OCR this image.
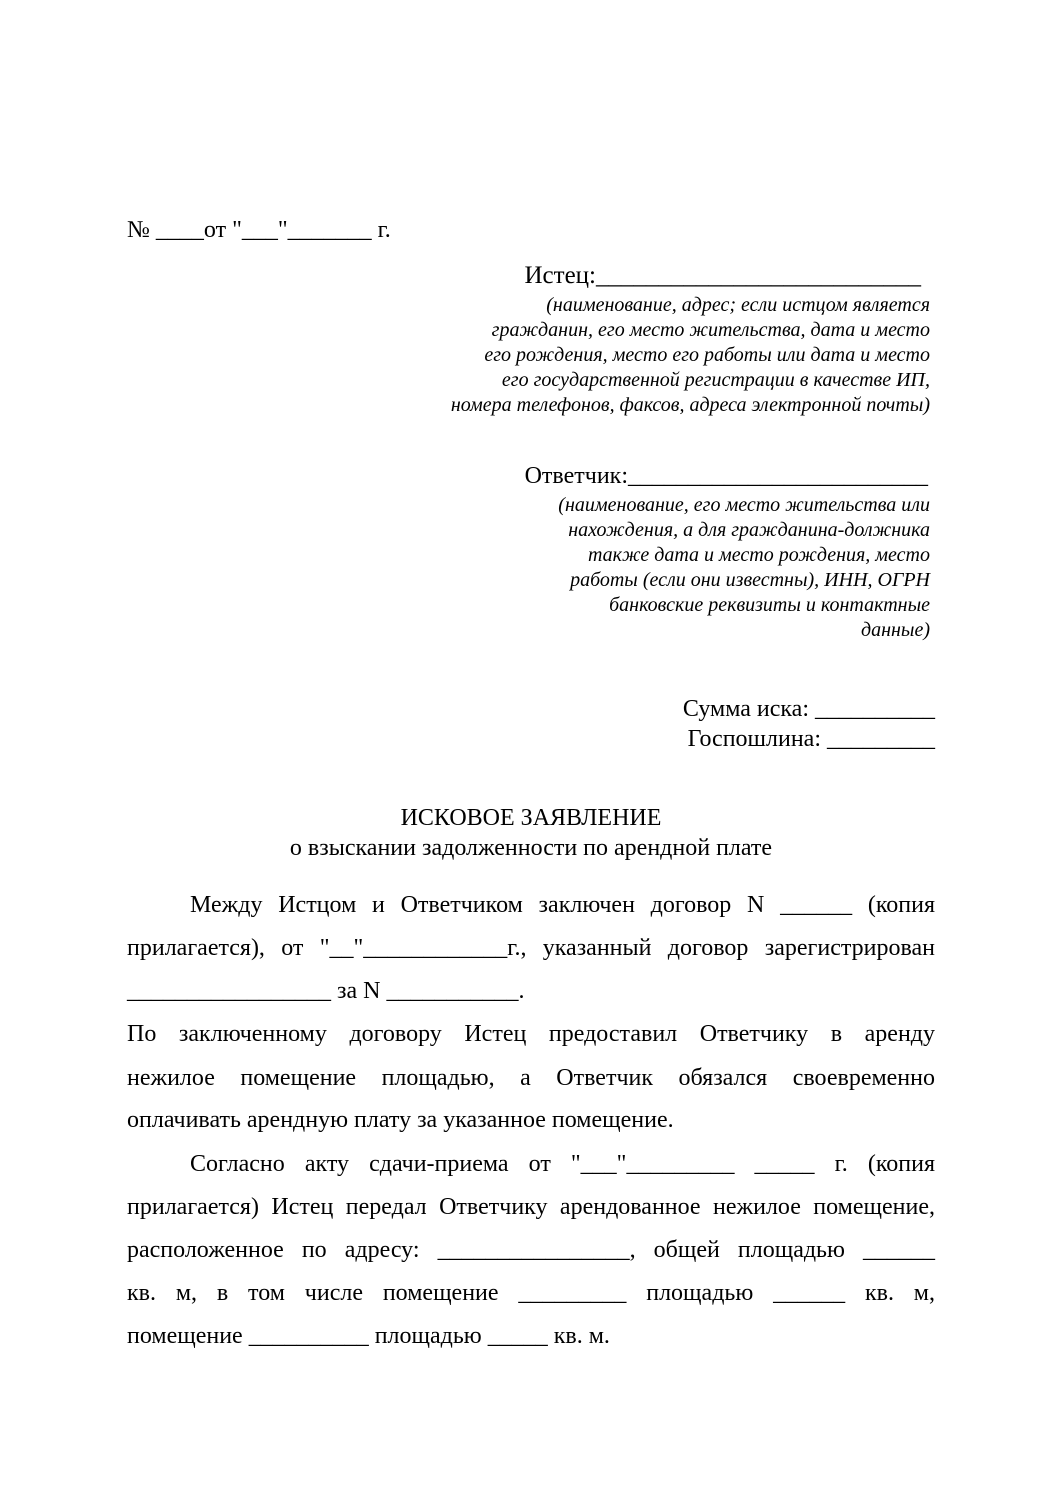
№ ____от "___"_______ г.
Истец:__________________________
(наименование, адрес; если истцом является
гражданин, его место жительства, дата и место
его рождения, место его работы или дата и место
его государственной регистрации в качестве ИП,
номера телефонов, факсов, адреса электронной почты)
Ответчик:_________________________
(наименование, его место жительства или
нахождения, а для гражданина-должника
также дата и место рождения, место
работы (если они известны), ИНН, ОГРН
банковские реквизиты и контактные
данные)
Сумма иска: __________
Госпошлина: _________
ИСКОВОЕ ЗАЯВЛЕНИЕ
о взыскании задолженности по арендной плате
Между Истцом и Ответчиком заключен договор N ______ (копия
прилагается), от "__"____________г., указанный договор зарегистрирован
_________________ за N ___________.
По заключенному договору Истец предоставил Ответчику в аренду
нежилое помещение площадью, а Ответчик обязался своевременно
оплачивать арендную плату за указанное помещение.
Согласно акту сдачи-приема от "___"_________ _____ г. (копия
прилагается) Истец передал Ответчику арендованное нежилое помещение,
расположенное по адресу: ________________, общей площадью ______
кв. м, в том числе помещение _________ площадью ______ кв. м,
помещение __________ площадью _____ кв. м.
